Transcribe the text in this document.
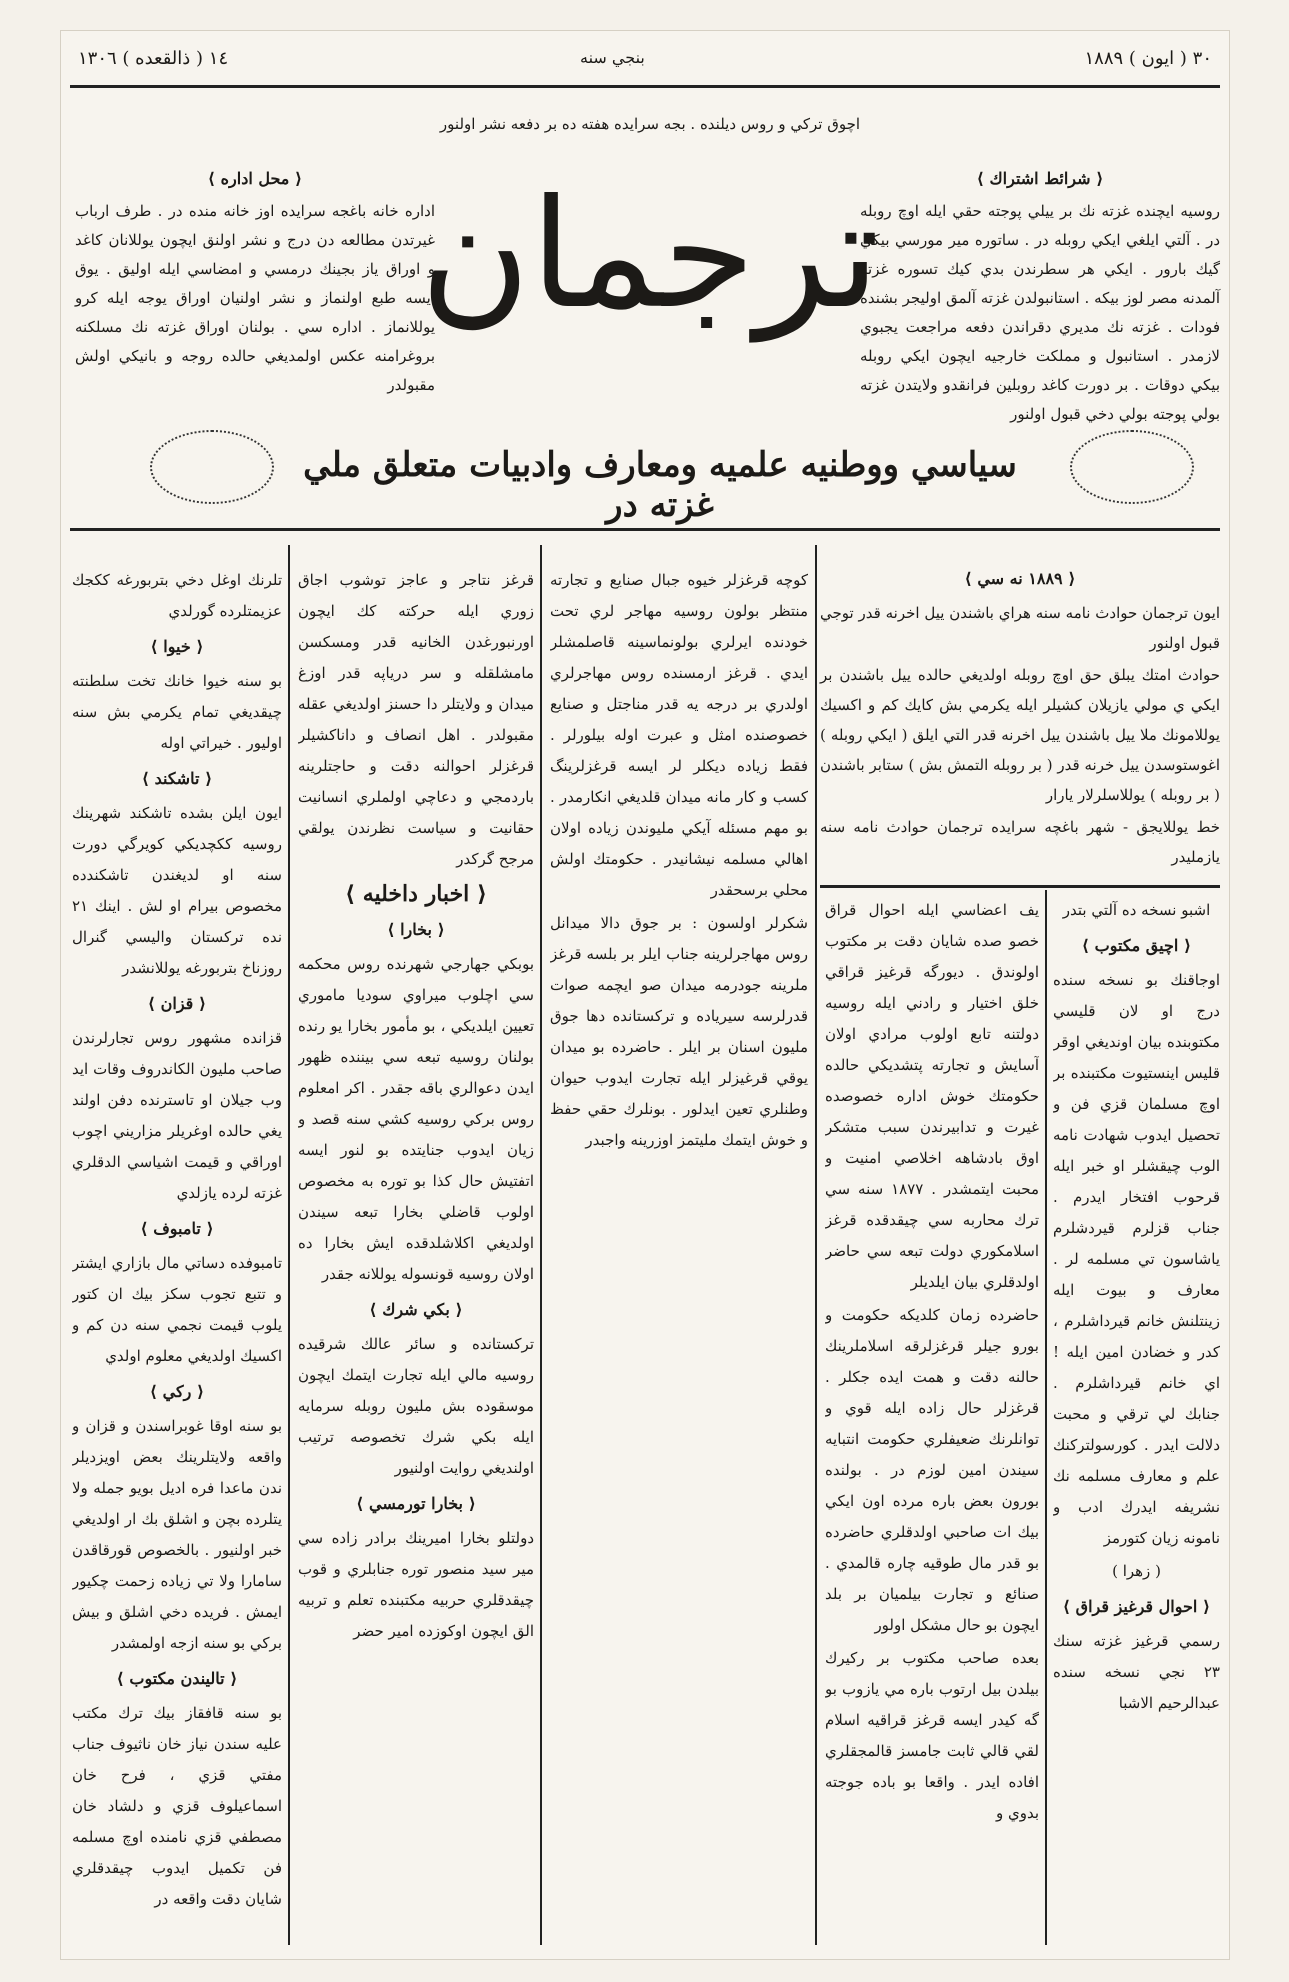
٣٠ ( ايون ) ١٨٨٩
١٤ ( ذالقعده ) ١٣٠٦	بنجي سنه
اچوق تركي و روس ديلنده . بجه سرايده هفته ده بر دفعه نشر اولنور
⟨ محل اداره ⟩
اداره خانه باغجه سرايده اوز خانه منده در . طرف ارباب غيرتدن مطالعه دن درج و نشر اولنق ايچون يوللانان كاغد و اوراق ياز بجينك درمسي و امضاسي ايله اوليق . يوق ايسه طبع اولنماز و نشر اولنيان اوراق يوجه ايله كرو يوللانماز . اداره سي . بولنان اوراق غزته نك مسلكنه بروغرامنه عكس اولمديغي حالده روجه و بانيكي اولش مقبولدر
ترجمان
سياسي ووطنيه علميه ومعارف وادبيات متعلق ملي غزته در
⟨ شرائط اشتراك ⟩
روسيه ايچنده غزته نك بر ييلي پوجته حقي ايله اوچ روبله در . آلتي ايلغي ايكي روبله در . ساتوره مير مورسي بيكي گيك بارور . ايكي هر سطرندن بدي كيك تسوره غزته آلمدنه مصر لوز بيكه . استانبولدن غزته آلمق اوليجر بشنده فودات . غزته نك مديري دقراندن دفعه مراجعت يجبوي لازمدر . استانبول و مملكت خارجيه ايچون ايكي روبله بيكي دوقات . بر دورت كاغد روبلين فرانقدو ولايتدن غزته بولي پوجته بولي دخي قبول اولنور
⟨ ١٨٨٩ نه سي ⟩
ايون ترجمان حوادث نامه سنه هراي باشندن ييل اخرنه قدر توجي قبول اولنور
حوادث امتك يبلق حق اوچ روبله اولديغي حالده ييل باشندن بر ايكي ي مولي يازيلان كشيلر ايله يكرمي بش كايك كم و اكسيك يوللامونك ملا ييل باشندن ييل اخرنه قدر التي ايلق ( ايكي روبله ) اغوستوسدن ييل خرنه قدر ( بر روبله التمش بش ) ستابر باشندن ( بر روبله ) يوللاسلرلار يارار
خط يوللايجق - شهر باغچه سرايده ترجمان حوادث نامه سنه يازمليدر
تلرنك اوغل دخي بتربورغه ككجك عزيمتلرده گورلدي
⟨ خيوا ⟩
بو سنه خيوا خانك تخت سلطنته چيقديغي تمام يكرمي بش سنه اوليور . خيراتي اوله
⟨ تاشكند ⟩
ايون ايلن بشده تاشكند شهرينك روسيه ككچديكي كويرگي دورت سنه او لديغندن تاشكندده مخصوص بيرام او لش . اينك ٢١ نده تركستان واليسي گنرال روزناخ بتربورغه يوللانشدر
⟨ قزان ⟩
قزانده مشهور روس تجارلرندن صاحب مليون الكاندروف وقات ايد وب جيلان او تاسترنده دفن اولند يغي حالده اوغريلر مزاريني اچوب اوراقي و قيمت اشياسي الدقلري غزته لرده يازلدي
⟨ تامبوف ⟩
تامبوفده دساتي مال بازاري ايشتر و تتبع تجوب سكز بيك ان كتور يلوب قيمت نجمي سنه دن كم و اكسيك اولديغي معلوم اولدي
⟨ ركي ⟩
بو سنه اوقا غوبراسندن و قزان و واقعه ولايتلرينك بعض اويزديلر ندن ماعدا فره اديل بويو جمله ولا يتلرده بچن و اشلق بك ار اولديغي خبر اولنيور . بالخصوص قورقاقدن سامارا ولا تي زياده زحمت چكيور ايمش . فريده دخي اشلق و بيش بركي بو سنه ازجه اولمشدر
⟨ تاليندن مكتوب ⟩
بو سنه قافقاز بيك ترك مكتب عليه سندن نياز خان ناثيوف جناب مفتي قزي ، فرح خان اسماعيلوف قزي و دلشاد خان مصطفي قزي نامنده اوچ مسلمه فن تكميل ايدوب چيقدقلري شايان دقت واقعه در
قرغز نتاجر و عاجز توشوب اجاق زوري ايله حركته كك ايچون اورنبورغدن الخانيه قدر ومسكسن مامشلقله و سر درياپه قدر اوزغ ميدان و ولايتلر دا حسنز اولديغي عقله مقبولدر . اهل انصاف و داناكشيلر قرغزلر احوالنه دقت و حاجتلرينه باردمجي و دعاچي اولملري انسانيت حقانيت و سياست نظرندن يولقي مرجح گركدر
⟨ اخبار داخليه ⟩
⟨ بخارا ⟩
بوبكي جهارجي شهرنده روس محكمه سي اچلوب ميراوي سوديا ماموري تعيين ايلديكي ، بو مأمور بخارا يو رنده بولنان روسيه تبعه سي بيننده ظهور ايدن دعوالري باقه جقدر . اكر امعلوم روس بركي روسيه كشي سنه قصد و زيان ايدوب جنايتده بو لنور ايسه اتفتيش حال كذا بو توره به مخصوص اولوب قاضلي بخارا تبعه سيندن اولديغي اكلاشلدقده ايش بخارا ده اولان روسيه قونسوله يوللانه جقدر
⟨ بكي شرك ⟩
تركستانده و سائر عالك شرقيده روسيه مالي ايله تجارت ايتمك ايچون موسقوده بش مليون روبله سرمايه ايله بكي شرك تخصوصه ترتيب اولنديغي روايت اولنيور
⟨ بخارا تورمسي ⟩
دولتلو بخارا اميرينك برادر زاده سي مير سيد منصور توره جنابلري و قوب چيقدقلري حربيه مكتبنده تعلم و تربيه الق ايچون اوكوزده امير حضر
كوچه قرغزلر خيوه جبال صنايع و تجارته منتظر بولون روسيه مهاجر لري تحت خودنده ايرلري بولونماسينه قاصلمشلر ايدي . قرغز ارمسنده روس مهاجرلري اولدري بر درجه يه قدر مناجتل و صنايع خصوصنده امثل و عبرت اوله بيلورلر . فقط زياده ديكلر لر ايسه قرغزلرينگ كسب و كار مانه ميدان قلديغي انكارمدر . بو مهم مسئله آيكي مليوندن زياده اولان اهالي مسلمه نيشانيدر . حكومتك اولش محلي برسحقدر
شكرلر اولسون : بر جوق دالا ميدانل روس مهاجرلرينه جناب ايلر بر بلسه قرغز ملرينه جودرمه ميدان صو ايچمه صوات قدرلرسه سيرياده و تركستانده دها جوق مليون اسنان بر ايلر . حاضرده بو ميدان يوقي قرغيزلر ايله تجارت ايدوب حيوان وطنلري تعين ايدلور . بونلرك حقي حفظ و خوش ايتمك مليتمز اوزرينه واجبدر
يف اعضاسي ايله احوال قراق خصو صده شايان دقت بر مكتوب اولوندق . ديورگه قرغيز قراقي خلق اختيار و رادني ايله روسيه دولتنه تابع اولوب مرادي اولان آسايش و تجارته پتشديكي حالده حكومتك خوش اداره خصوصده غيرت و تدابيرندن سبب متشكر اوق بادشاهه اخلاصي امنيت و محبت ايتمشدر . ١٨٧٧ سنه سي ترك محاربه سي چيقدقده قرغز اسلامكوري دولت تبعه سي حاضر اولدقلري بيان ايلديلر
حاضرده زمان كلديكه حكومت و بورو جيلر قرغزلرقه اسلاملرينك حالنه دقت و همت ايده جكلر . قرغزلر حال زاده ايله قوي و توانلرنك ضعيفلري حكومت انتبايه سيندن امين لوزم در . بولنده بورون بعض باره مرده اون ايكي بيك ات صاحبي اولدقلري حاضرده بو قدر مال طوقيه چاره قالمدي . صنائع و تجارت بيلميان بر بلد ايچون بو حال مشكل اولور
بعده صاحب مكتوب بر ركيرك بيلدن بيل ارتوب باره مي يازوب بو گه كيدر ايسه قرغز قراقيه اسلام لقي قالي ثابت جامسز قالمجقلري افاده ايدر . واقعا بو باده جوجته بدوي و
اشبو نسخه ده آلتي بتدر
⟨ اچيق مكتوب ⟩
اوجاقنك بو نسخه سنده درج او لان قليسي مكتوبنده بيان اونديغي اوقر قليس اينستيوت مكتبنده بر اوچ مسلمان قزي فن و تحصيل ايدوب شهادت نامه الوب چيقشلر او خبر ايله قرحوب افتخار ايدرم . جناب قزلرم قيردشلرم ياشاسون تي مسلمه لر . معارف و بيوت ايله زينتلنش خانم قيرداشلرم ، كدر و خضادن امين ايله ! اي خانم قيرداشلرم . جنابك لي ترقي و محبت دلالت ايدر . كورسولتركنك علم و معارف مسلمه نك نشريفه ايدرك ادب و نامونه زيان كتورمز
( زهرا )
⟨ احوال قرغيز قراق ⟩
رسمي قرغيز غزته سنك ٢٣ نجي نسخه سنده عبدالرحيم الاشبا
